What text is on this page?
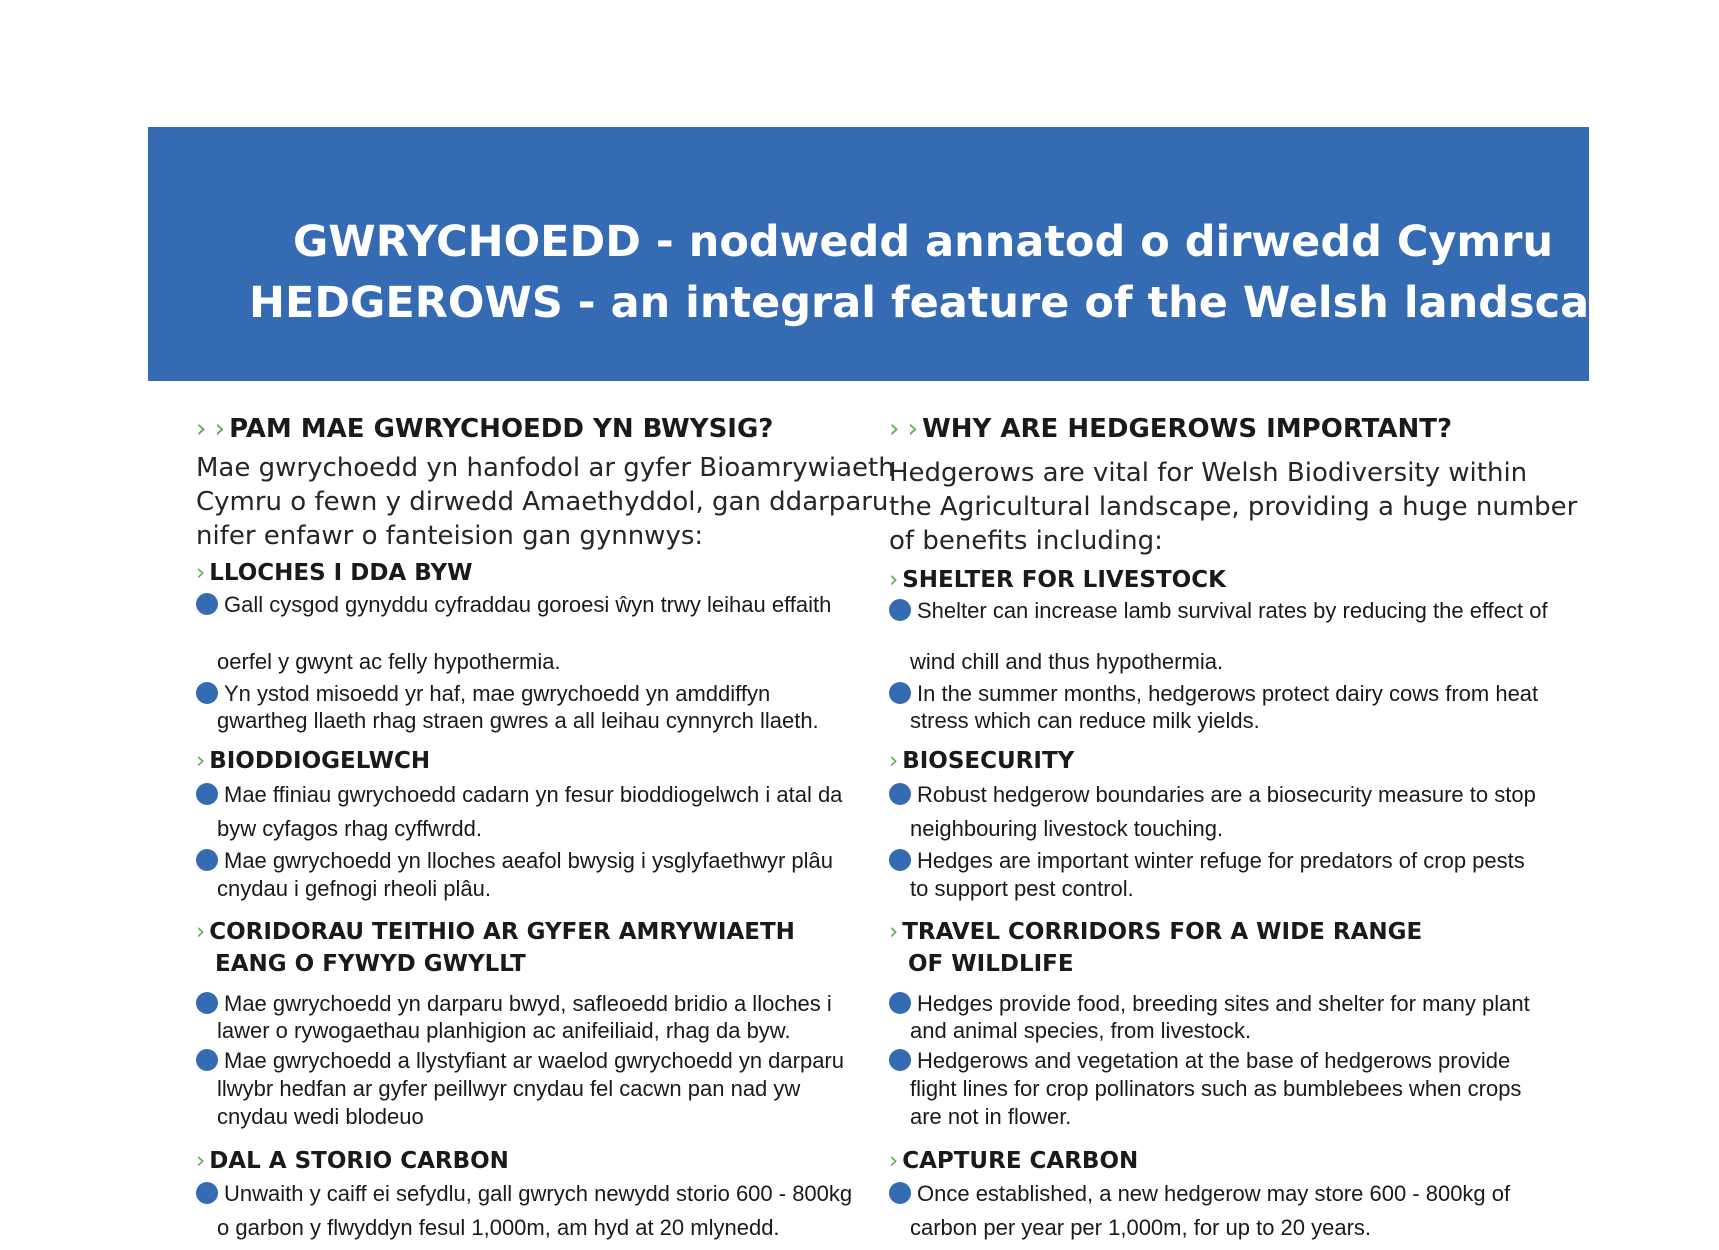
GWRYCHOEDD - nodwedd annatod o dirwedd Cymru
HEDGEROWS - an integral feature of the Welsh landscape
› › PAM MAE GWRYCHOEDD YN BWYSIG?
Mae gwrychoedd yn hanfodol ar gyfer Bioamrywiaeth
Cymru o fewn y dirwedd Amaethyddol, gan ddarparu
nifer enfawr o fanteision gan gynnwys:
› LLOCHES I DDA BYW
Gall cysgod gynyddu cyfraddau goroesi ŵyn trwy leihau effaith
oerfel y gwynt ac felly hypothermia.
Yn ystod misoedd yr haf, mae gwrychoedd yn amddiffyn
gwartheg llaeth rhag straen gwres a all leihau cynnyrch llaeth.
› BIODDIOGELWCH
Mae ffiniau gwrychoedd cadarn yn fesur bioddiogelwch i atal da
byw cyfagos rhag cyffwrdd.
Mae gwrychoedd yn lloches aeafol bwysig i ysglyfaethwyr plâu
cnydau i gefnogi rheoli plâu.
› CORIDORAU TEITHIO AR GYFER AMRYWIAETH
EANG O FYWYD GWYLLT
Mae gwrychoedd yn darparu bwyd, safleoedd bridio a lloches i
lawer o rywogaethau planhigion ac anifeiliaid, rhag da byw.
Mae gwrychoedd a llystyfiant ar waelod gwrychoedd yn darparu
llwybr hedfan ar gyfer peillwyr cnydau fel cacwn pan nad yw
cnydau wedi blodeuo
› DAL A STORIO CARBON
Unwaith y caiff ei sefydlu, gall gwrych newydd storio 600 - 800kg
o garbon y flwyddyn fesul 1,000m, am hyd at 20 mlynedd.
› › WHY ARE HEDGEROWS IMPORTANT?
Hedgerows are vital for Welsh Biodiversity within
the Agricultural landscape, providing a huge number
of benefits including:
› SHELTER FOR LIVESTOCK
Shelter can increase lamb survival rates by reducing the effect of
wind chill and thus hypothermia.
In the summer months, hedgerows protect dairy cows from heat
stress which can reduce milk yields.
› BIOSECURITY
Robust hedgerow boundaries are a biosecurity measure to stop
neighbouring livestock touching.
Hedges are important winter refuge for predators of crop pests
to support pest control.
› TRAVEL CORRIDORS FOR A WIDE RANGE
OF WILDLIFE
Hedges provide food, breeding sites and shelter for many plant
and animal species, from livestock.
Hedgerows and vegetation at the base of hedgerows provide
flight lines for crop pollinators such as bumblebees when crops
are not in flower.
› CAPTURE CARBON
Once established, a new hedgerow may store 600 - 800kg of
carbon per year per 1,000m, for up to 20 years.
